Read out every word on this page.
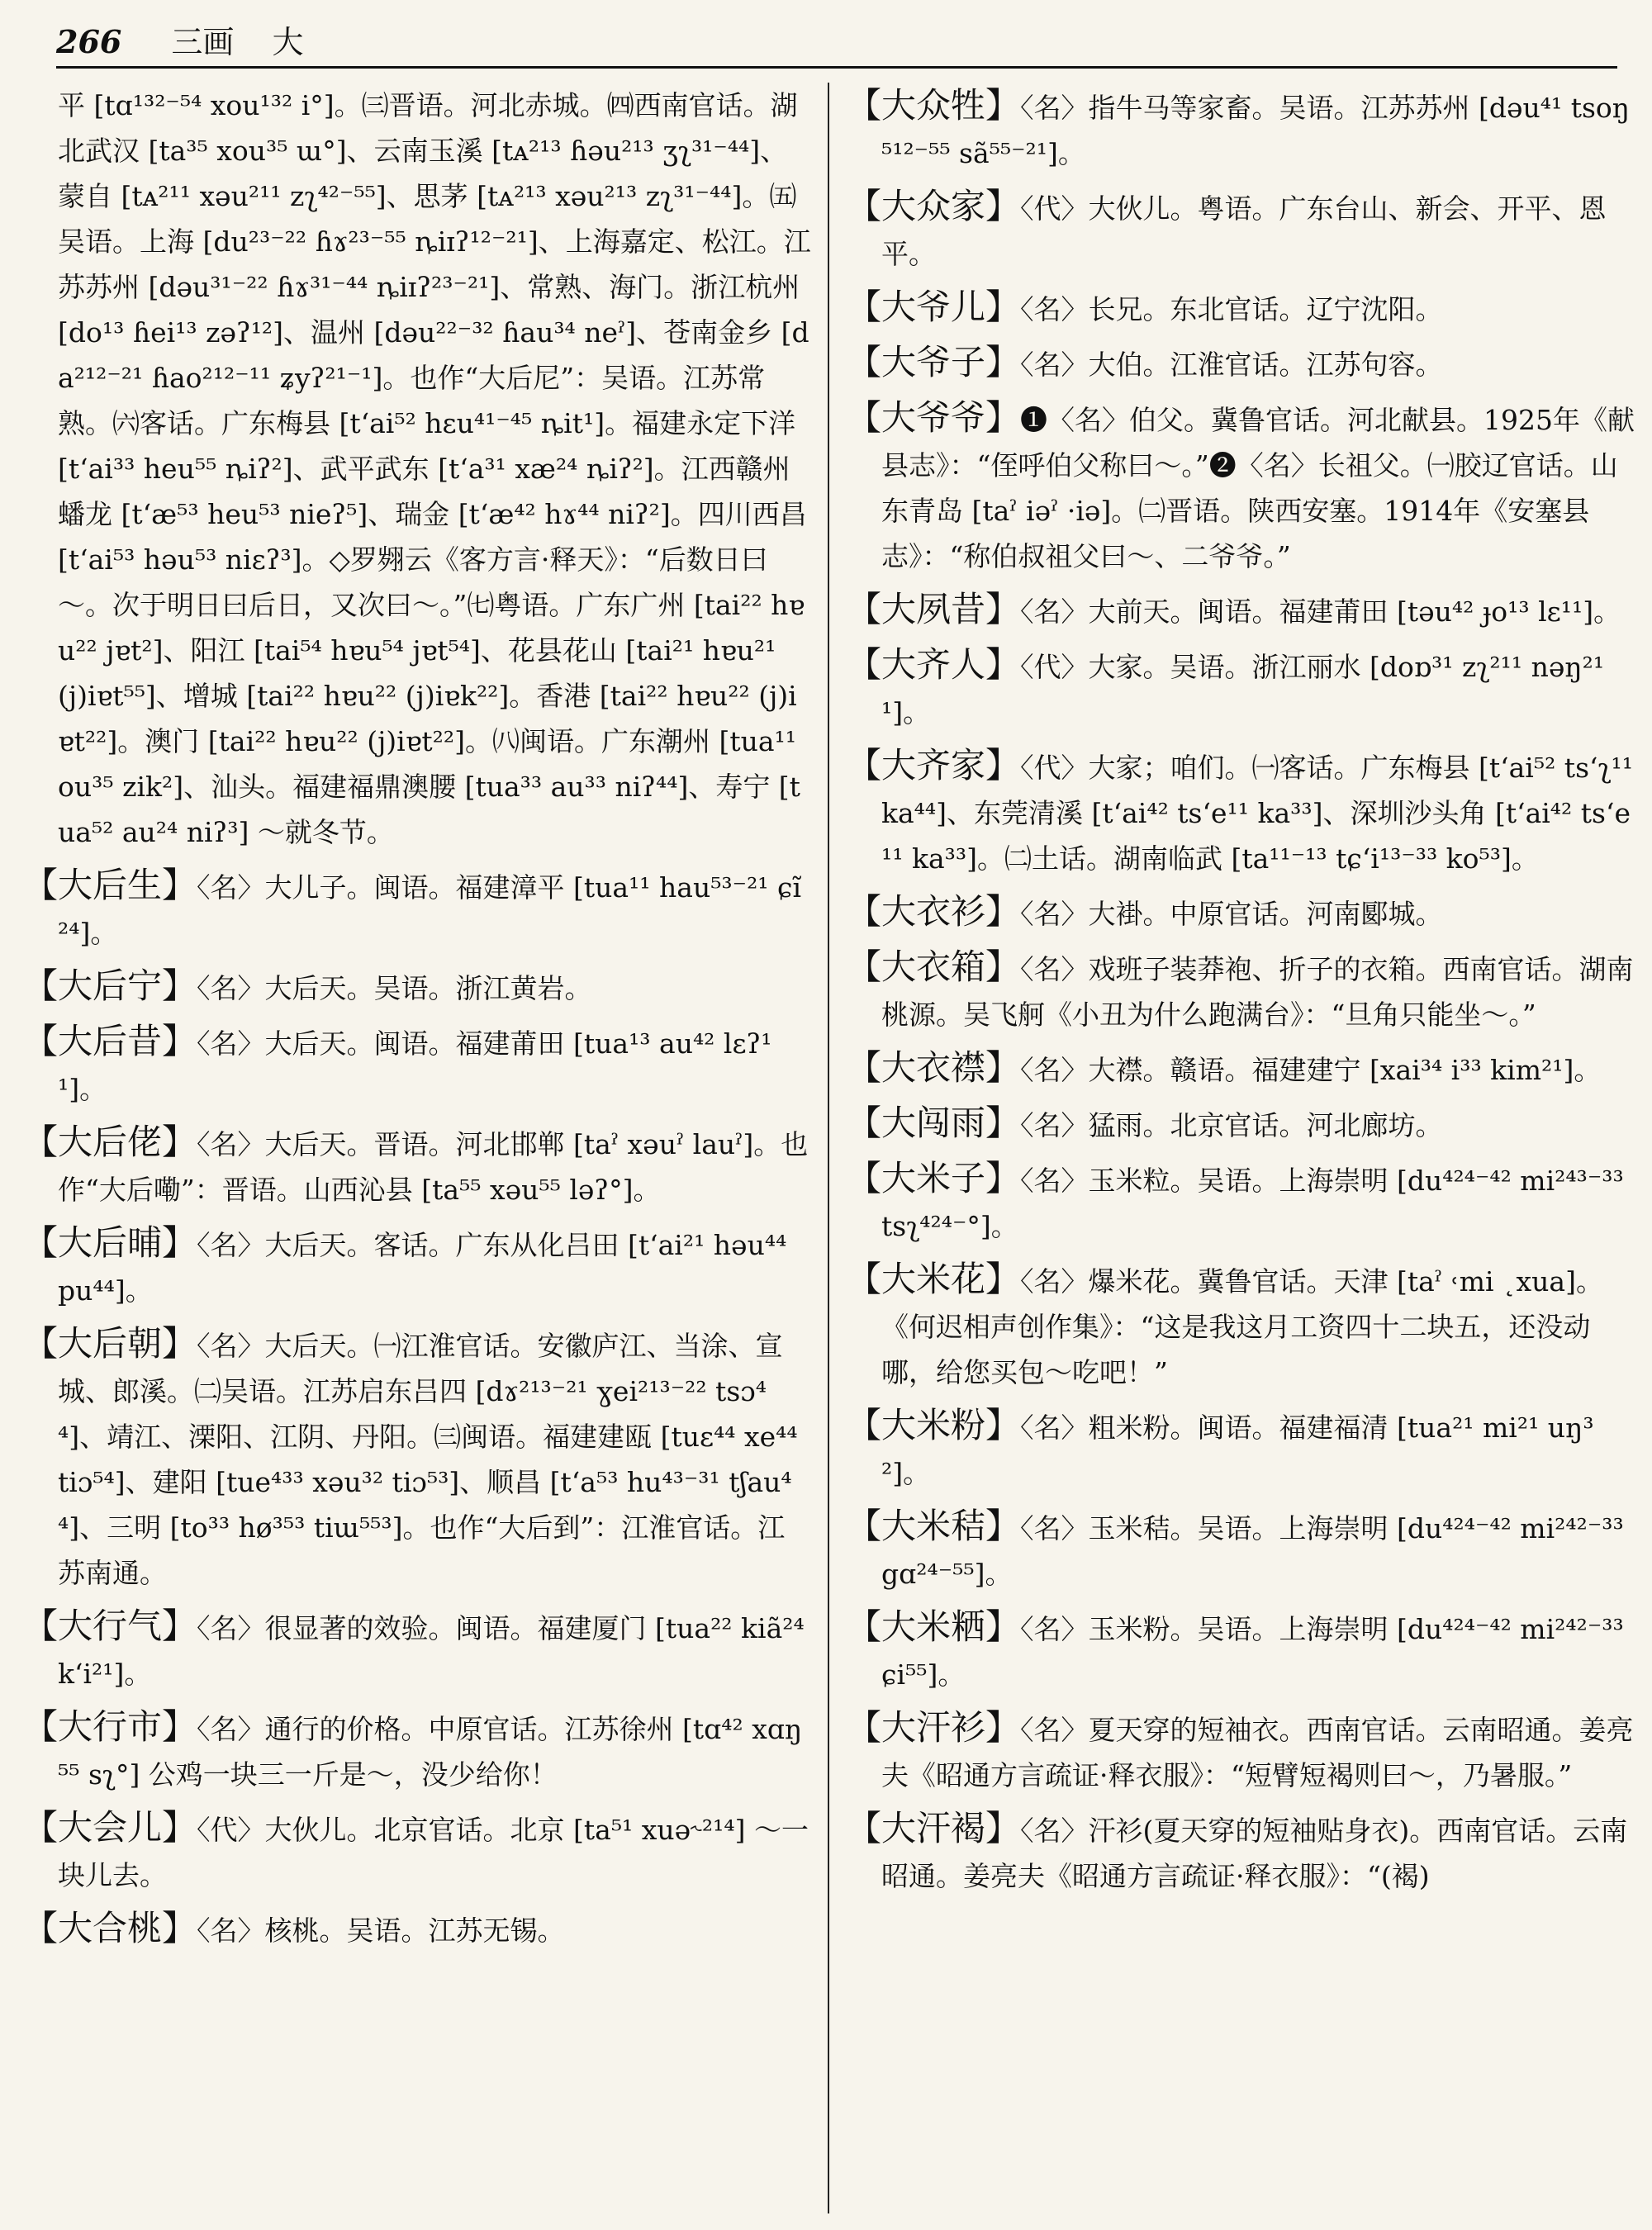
266 三画 大
平 [tɑ¹³²⁻⁵⁴ xou¹³² i°]。㈢晋语。河北赤城。㈣西南官话。湖北武汉 [ta³⁵ xou³⁵ ɯ°]、云南玉溪 [tᴀ²¹³ ɦəu²¹³ ʒʅ³¹⁻⁴⁴]、蒙自 [tᴀ²¹¹ xəu²¹¹ zʅ⁴²⁻⁵⁵]、思茅 [tᴀ²¹³ xəu²¹³ zʅ³¹⁻⁴⁴]。㈤吴语。上海 [du²³⁻²² ɦɤ²³⁻⁵⁵ ȵiɪʔ¹²⁻²¹]、上海嘉定、松江。江苏苏州 [dəu³¹⁻²² ɦɤ³¹⁻⁴⁴ ȵiɪʔ²³⁻²¹]、常熟、海门。浙江杭州 [do¹³ ɦei¹³ zəʔ¹²]、温州 [dəu²²⁻³² ɦau³⁴ neˀ]、苍南金乡 [da²¹²⁻²¹ ɦao²¹²⁻¹¹ ʑyʔ²¹⁻¹]。也作“大后尼”：吴语。江苏常熟。㈥客话。广东梅县 [t‘ai⁵² hɛu⁴¹⁻⁴⁵ ȵit¹]。福建永定下洋 [t‘ai³³ heu⁵⁵ ȵiʔ²]、武平武东 [t‘a³¹ xæ²⁴ ȵiʔ²]。江西赣州蟠龙 [t‘æ⁵³ heu⁵³ nieʔ⁵]、瑞金 [t‘æ⁴² hɤ⁴⁴ niʔ²]。四川西昌 [t‘ai⁵³ həu⁵³ niɛʔ³]。◇罗翙云《客方言·释天》：“后数日曰～。次于明日曰后日，又次曰～。”㈦粤语。广东广州 [tai²² hɐu²² jɐt²]、阳江 [tai⁵⁴ hɐu⁵⁴ jɐt⁵⁴]、花县花山 [tai²¹ hɐu²¹ (j)iɐt⁵⁵]、增城 [tai²² hɐu²² (j)iɐk²²]。香港 [tai²² hɐu²² (j)iɐt²²]。澳门 [tai²² hɐu²² (j)iɐt²²]。㈧闽语。广东潮州 [tua¹¹ ou³⁵ zik²]、汕头。福建福鼎澳腰 [tua³³ au³³ niʔ⁴⁴]、寿宁 [tua⁵² au²⁴ niʔ³] ～就冬节。
【大后生】〈名〉大儿子。闽语。福建漳平 [tua¹¹ hau⁵³⁻²¹ ɕĩ²⁴]。
【大后宁】〈名〉大后天。吴语。浙江黄岩。
【大后昔】〈名〉大后天。闽语。福建莆田 [tua¹³ au⁴² lɛʔ¹¹]。
【大后佬】〈名〉大后天。晋语。河北邯郸 [taˀ xəuˀ lauˀ]。也作“大后嘞”：晋语。山西沁县 [ta⁵⁵ xəu⁵⁵ ləʔ°]。
【大后晡】〈名〉大后天。客话。广东从化吕田 [t‘ai²¹ həu⁴⁴ pu⁴⁴]。
【大后朝】〈名〉大后天。㈠江淮官话。安徽庐江、当涂、宣城、郎溪。㈡吴语。江苏启东吕四 [dɤ²¹³⁻²¹ ɣei²¹³⁻²² tsɔ⁴⁴]、靖江、溧阳、江阴、丹阳。㈢闽语。福建建瓯 [tuɛ⁴⁴ xe⁴⁴ tiɔ⁵⁴]、建阳 [tue⁴³³ xəu³² tiɔ⁵³]、顺昌 [t‘a⁵³ hu⁴³⁻³¹ tʃau⁴⁴]、三明 [to³³ hø³⁵³ tiɯ⁵⁵³]。也作“大后到”：江淮官话。江苏南通。
【大行气】〈名〉很显著的效验。闽语。福建厦门 [tua²² kiã²⁴ k‘i²¹]。
【大行市】〈名〉通行的价格。中原官话。江苏徐州 [tɑ⁴² xɑŋ⁵⁵ sʅ°] 公鸡一块三一斤是～，没少给你！
【大会儿】〈代〉大伙儿。北京官话。北京 [ta⁵¹ xuə˞²¹⁴] ～一块儿去。
【大合桃】〈名〉核桃。吴语。江苏无锡。
【大众牲】〈名〉指牛马等家畜。吴语。江苏苏州 [dəu⁴¹ tsoŋ⁵¹²⁻⁵⁵ sã⁵⁵⁻²¹]。
【大众家】〈代〉大伙儿。粤语。广东台山、新会、开平、恩平。
【大爷儿】〈名〉长兄。东北官话。辽宁沈阳。
【大爷子】〈名〉大伯。江淮官话。江苏句容。
【大爷爷】❶〈名〉伯父。冀鲁官话。河北献县。1925年《献县志》：“侄呼伯父称曰～。”❷〈名〉长祖父。㈠胶辽官话。山东青岛 [taˀ iəˀ ·iə]。㈡晋语。陕西安塞。1914年《安塞县志》：“称伯叔祖父曰～、二爷爷。”
【大夙昔】〈名〉大前天。闽语。福建莆田 [təu⁴² ɟo¹³ lɛ¹¹]。
【大齐人】〈代〉大家。吴语。浙江丽水 [doɒ³¹ zʅ²¹¹ nəŋ²¹¹]。
【大齐家】〈代〉大家；咱们。㈠客话。广东梅县 [t‘ai⁵² ts‘ʅ¹¹ ka⁴⁴]、东莞清溪 [t‘ai⁴² ts‘e¹¹ ka³³]、深圳沙头角 [t‘ai⁴² ts‘e¹¹ ka³³]。㈡土话。湖南临武 [ta¹¹⁻¹³ tɕ‘i¹³⁻³³ ko⁵³]。
【大衣衫】〈名〉大褂。中原官话。河南郾城。
【大衣箱】〈名〉戏班子装莽袍、折子的衣箱。西南官话。湖南桃源。吴飞舸《小丑为什么跑满台》：“旦角只能坐～。”
【大衣襟】〈名〉大襟。赣语。福建建宁 [xai³⁴ i³³ kim²¹]。
【大闯雨】〈名〉猛雨。北京官话。河北廊坊。
【大米子】〈名〉玉米粒。吴语。上海崇明 [du⁴²⁴⁻⁴² mi²⁴³⁻³³ tsʅ⁴²⁴⁻°]。
【大米花】〈名〉爆米花。冀鲁官话。天津 [taˀ ˓mi ˛xua]。《何迟相声创作集》：“这是我这月工资四十二块五，还没动哪，给您买包～吃吧！”
【大米粉】〈名〉粗米粉。闽语。福建福清 [tua²¹ mi²¹ uŋ³²]。
【大米秸】〈名〉玉米秸。吴语。上海崇明 [du⁴²⁴⁻⁴² mi²⁴²⁻³³ gɑ²⁴⁻⁵⁵]。
【大米粞】〈名〉玉米粉。吴语。上海崇明 [du⁴²⁴⁻⁴² mi²⁴²⁻³³ ɕi⁵⁵]。
【大汗衫】〈名〉夏天穿的短袖衣。西南官话。云南昭通。姜亮夫《昭通方言疏证·释衣服》：“短臂短褐则曰～，乃暑服。”
【大汗褐】〈名〉汗衫(夏天穿的短袖贴身衣)。西南官话。云南昭通。姜亮夫《昭通方言疏证·释衣服》：“(褐)
